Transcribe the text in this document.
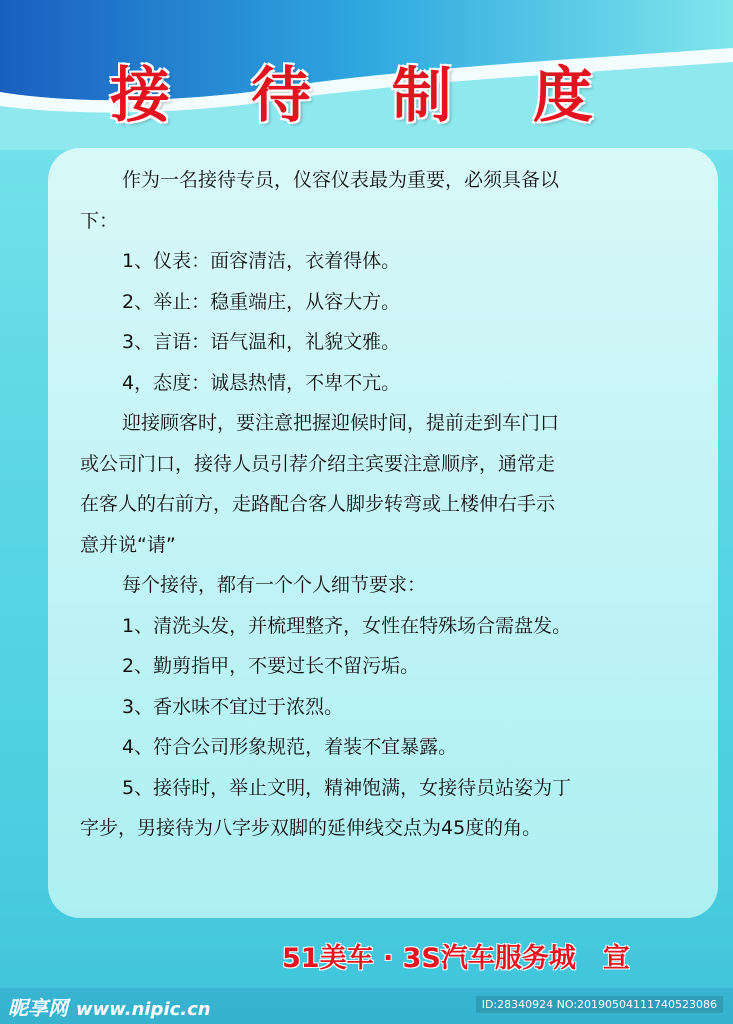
接 待 制 度
作为一名接待专员，仪容仪表最为重要，必须具备以
下：
1、仪表：面容清洁，衣着得体。
2、举止：稳重端庄，从容大方。
3、言语：语气温和，礼貌文雅。
4，态度：诚恳热情，不卑不亢。
迎接顾客时，要注意把握迎候时间，提前走到车门口
或公司门口，接待人员引荐介绍主宾要注意顺序，通常走
在客人的右前方，走路配合客人脚步转弯或上楼伸右手示
意并说“请”
每个接待，都有一个个人细节要求：
1、清洗头发，并梳理整齐，女性在特殊场合需盘发。
2、勤剪指甲，不要过长不留污垢。
3、香水味不宜过于浓烈。
4、符合公司形象规范，着装不宜暴露。
5、接待时，举止文明，精神饱满，女接待员站姿为丁
字步，男接待为八字步双脚的延伸线交点为45度的角。
51美车 · 3S汽车服务城　宣
昵享网 www.nipic.cn	ID:28340924 NO:20190504111740523086
